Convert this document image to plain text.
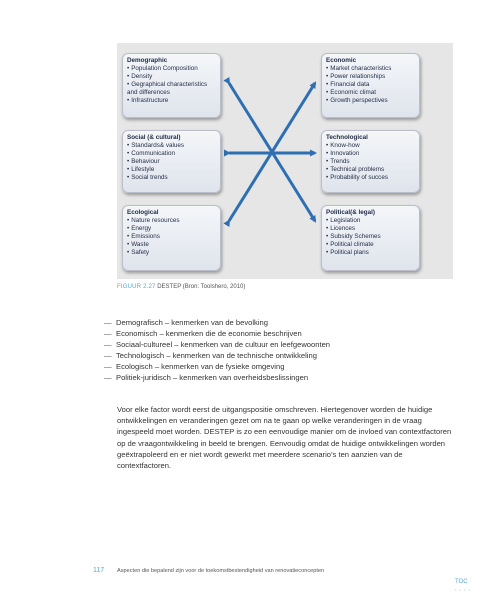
Demographic
• Population Composition
• Density
• Gegraphical characteristics and differences
• Infrastructure
Social (& cultural)
• Standards& values
• Communication
• Behaviour
• Lifestyle
• Social trends
Ecological
• Nature resources
• Energy
• Emissions
• Waste
• Safety
Economic
• Market characteristics
• Power relationships
• Financial data
• Economic climat
• Growth perspectives
Technological
• Know-how
• Innovation
• Trends
• Technical problems
• Probability of succes
Political(& legal)
• Legislation
• Licences
• Subsidy Schemes
• Political climate
• Political plans
FIGUUR 2.27 DESTEP (Bron: Toolshero, 2010)
— Demografisch – kenmerken van de bevolking
— Economisch – kenmerken die de economie beschrijven
— Sociaal-cultureel – kenmerken van de cultuur en leefgewoonten
— Technologisch – kenmerken van de technische ontwikkeling
— Ecologisch – kenmerken van de fysieke omgeving
— Politiek-juridisch – kenmerken van overheidsbeslissingen

Voor elke factor wordt eerst de uitgangspositie omschreven. Hiertegenover worden de huidige ontwikkelingen en veranderingen gezet om na te gaan op welke veranderingen in de vraag ingespeeld moet worden. DESTEP is zo een eenvoudige manier om de invloed van contextfactoren op de vraagontwikkeling in beeld te brengen. Eenvoudig omdat de huidige ontwikkelingen worden geëxtrapoleerd en er niet wordt gewerkt met meerdere scenario’s ten aanzien van de contextfactoren.

117 Aspecten die bepalend zijn voor de toekomstbestendigheid van renovatieconcepten
TOC
• • • •
